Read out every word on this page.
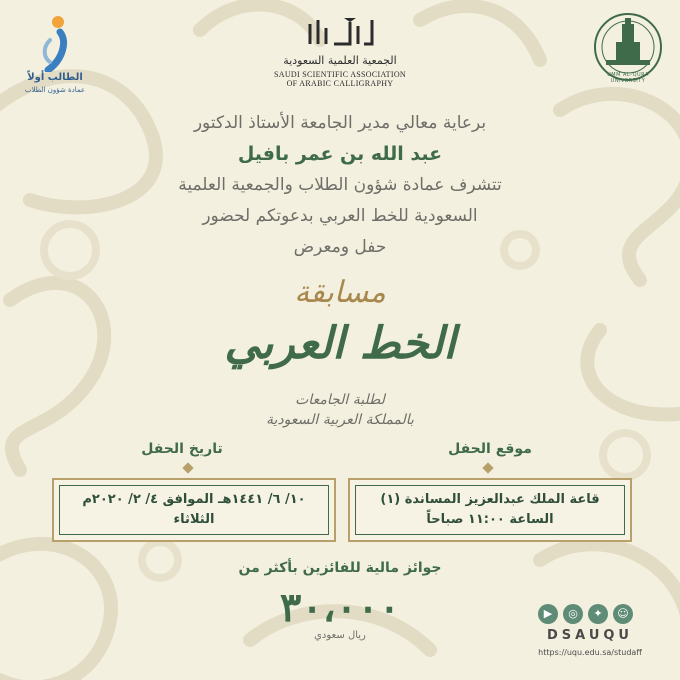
UMM AL-QURA UNIVERSITY
الجمعية العلمية السعودية
SAUDI SCIENTIFIC ASSOCIATION
OF ARABIC CALLIGRAPHY
الطالب أولاً
عمادة شؤون الطلاب
برعاية معالي مدير الجامعة الأستاذ الدكتور
عبد الله بن عمر بافيل
تتشرف عمادة شؤون الطلاب والجمعية العلمية
السعودية للخط العربي بدعوتكم لحضور
حفل ومعرض
مسابقة
الخط العربي
لطلبة الجامعات
بالمملكة العربية السعودية
موقع الحفل
تاريخ الحفل
قاعة الملك عبدالعزيز المساندة (١)
الساعة ١١:٠٠ صباحاً
١٠/ ٦/ ١٤٤١هـ الموافق ٤/ ٢/ ٢٠٢٠م
الثلاثاء
جوائز مالية للفائزين بأكثر من
٣٠،٠٠٠
ريال سعودي
▶	◎	✦	☺
DSAUQU
https://uqu.edu.sa/studaff
